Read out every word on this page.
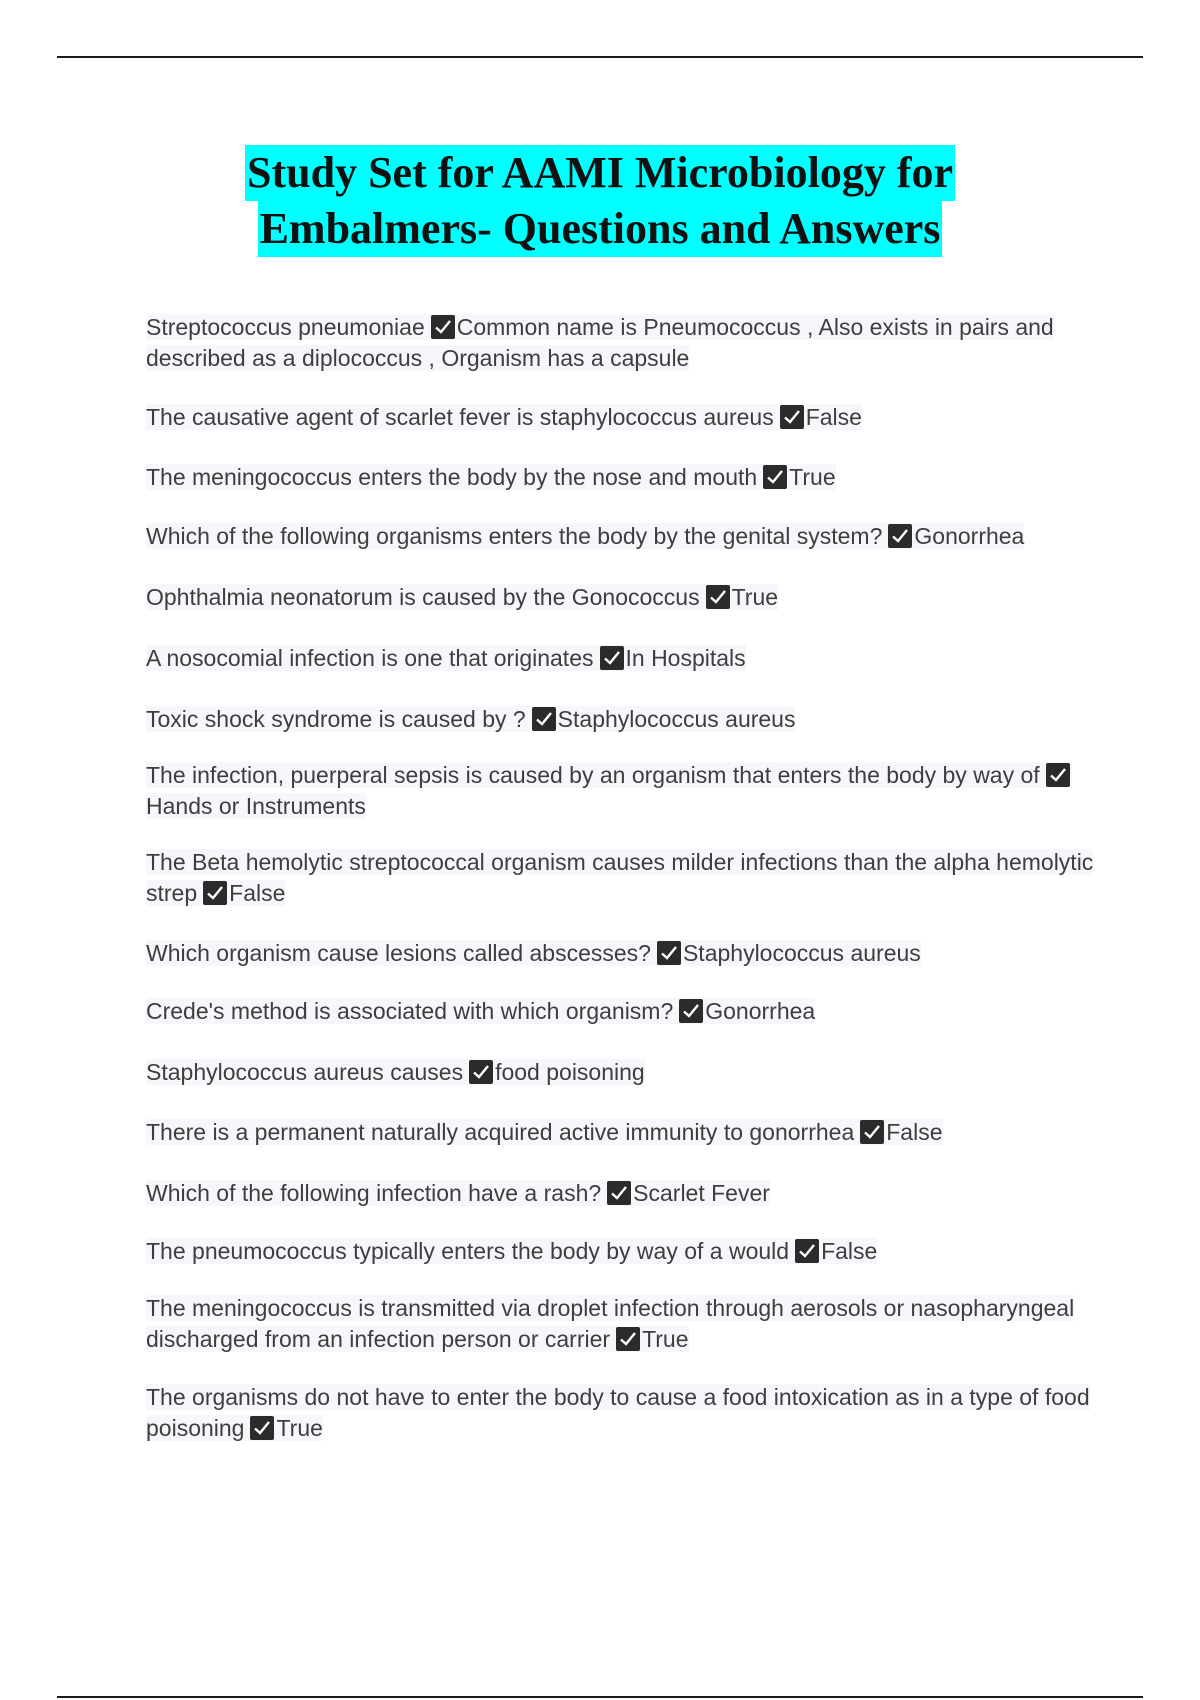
Study Set for AAMI Microbiology for
Embalmers- Questions and Answers
Streptococcus pneumoniae Common name is Pneumococcus , Also exists in pairs and described as a diplococcus , Organism has a capsule
The causative agent of scarlet fever is staphylococcus aureus False
The meningococcus enters the body by the nose and mouth True
Which of the following organisms enters the body by the genital system? Gonorrhea
Ophthalmia neonatorum is caused by the Gonococcus True
A nosocomial infection is one that originates In Hospitals
Toxic shock syndrome is caused by ? Staphylococcus aureus
The infection, puerperal sepsis is caused by an organism that enters the body by way of
Hands or Instruments
The Beta hemolytic streptococcal organism causes milder infections than the alpha hemolytic strep False
Which organism cause lesions called abscesses? Staphylococcus aureus
Crede's method is associated with which organism? Gonorrhea
Staphylococcus aureus causes food poisoning
There is a permanent naturally acquired active immunity to gonorrhea False
Which of the following infection have a rash? Scarlet Fever
The pneumococcus typically enters the body by way of a would False
The meningococcus is transmitted via droplet infection through aerosols or nasopharyngeal discharged from an infection person or carrier True
The organisms do not have to enter the body to cause a food intoxication as in a type of food poisoning True
